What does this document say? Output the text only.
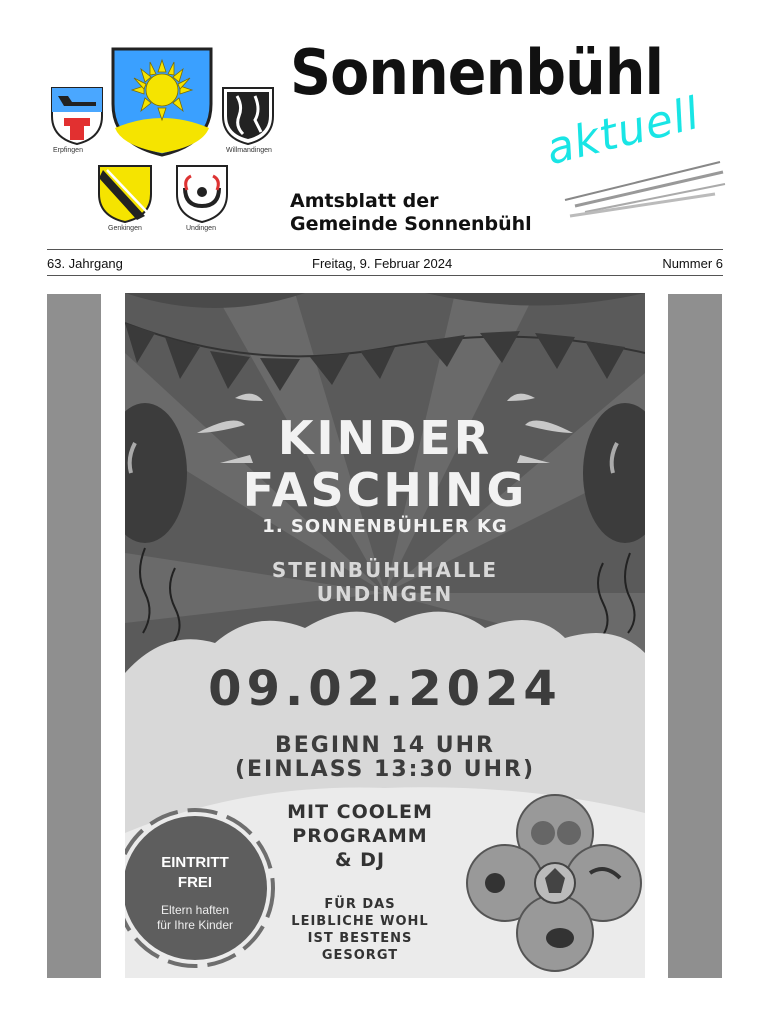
Erpfingen	Willmandingen
Genkingen	Undingen
Sonnenbühl
aktuell
Amtsblatt der
Gemeinde Sonnenbühl
63. Jahrgang	Freitag, 9. Februar 2024	Nummer 6
KINDER
FASCHING
1. SONNENBÜHLER KG
STEINBÜHLHALLE
UNDINGEN
09.02.2024
BEGINN 14 UHR
(EINLASS 13:30 UHR)
MIT COOLEM
PROGRAMM
& DJ
EINTRITT
FREI
Eltern haften
für Ihre Kinder
FÜR DAS
LEIBLICHE WOHL
IST BESTENS
GESORGT
